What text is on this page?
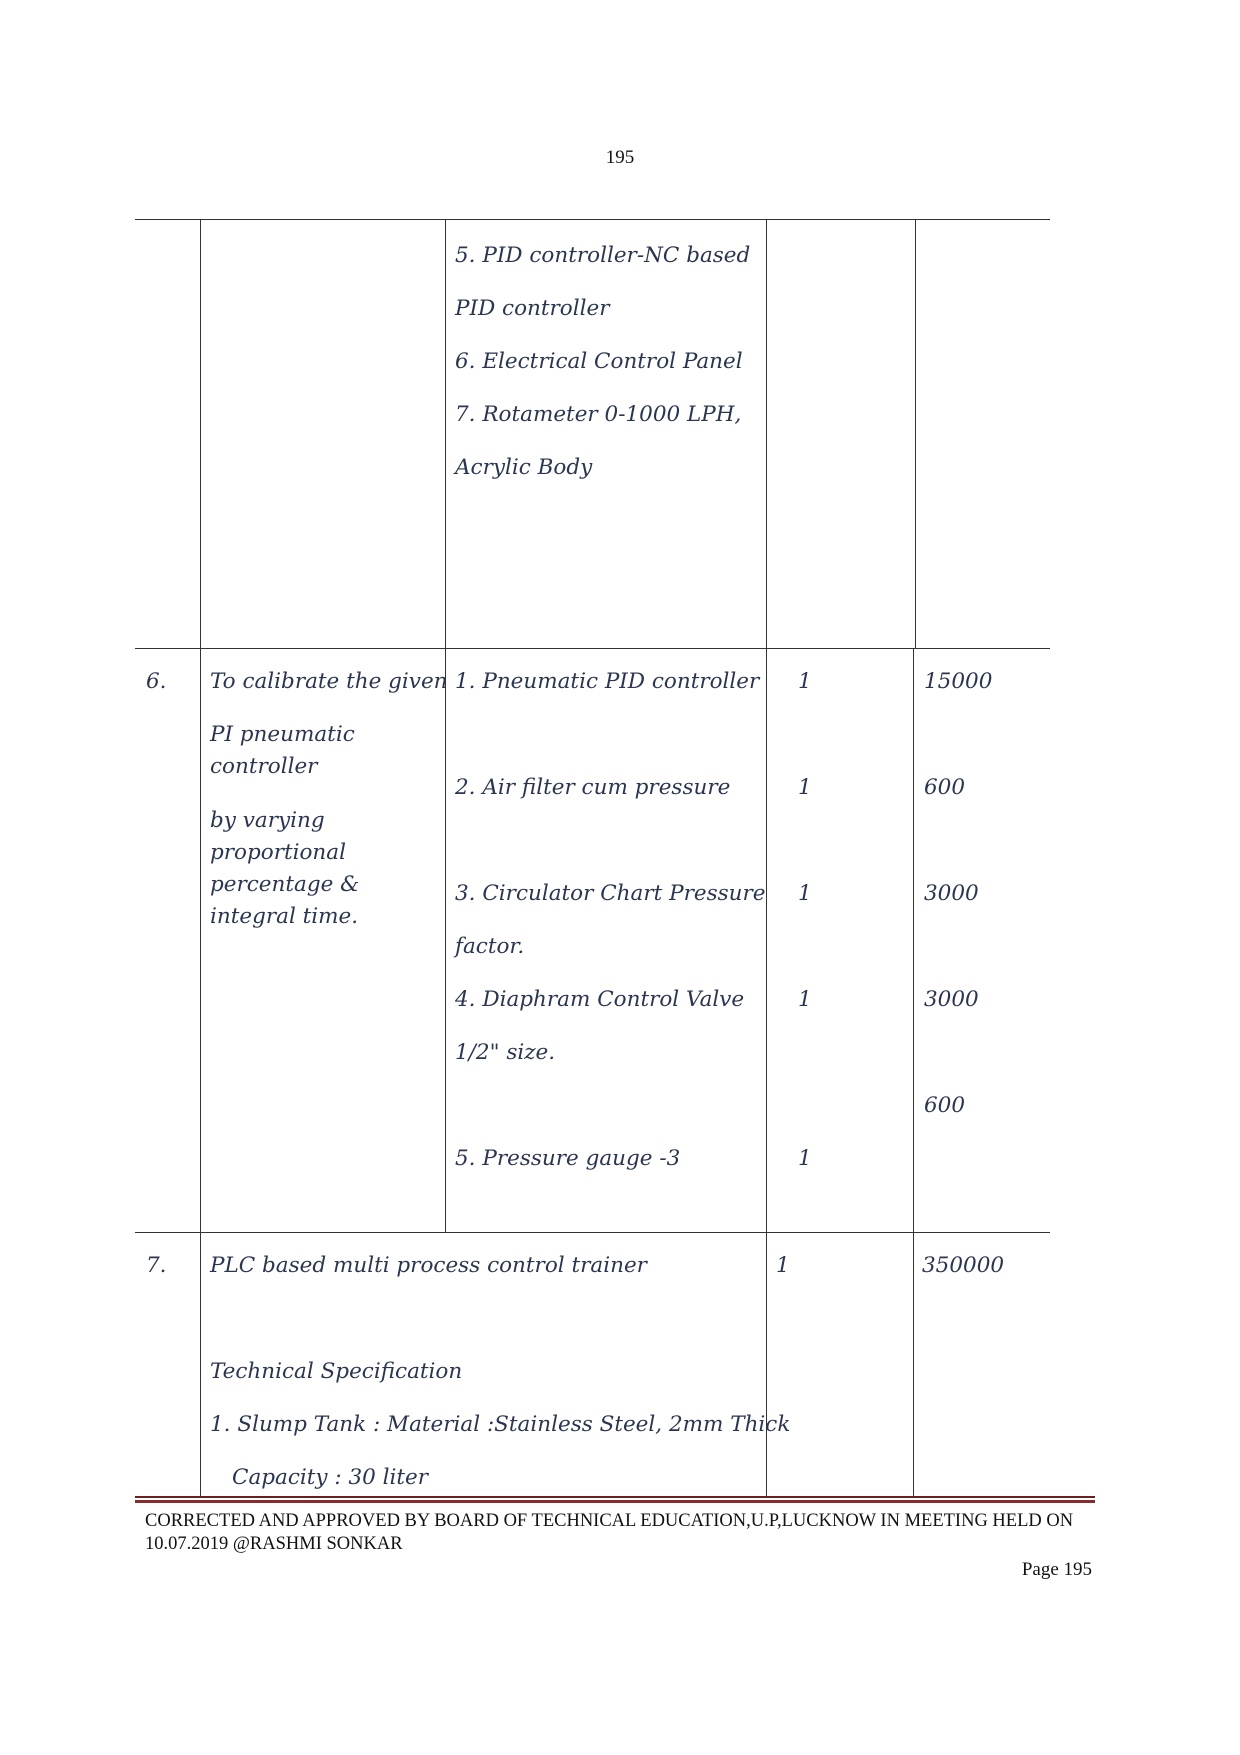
195
5. PID controller-NC based
PID controller
6. Electrical Control Panel
7. Rotameter 0-1000 LPH,
Acrylic Body
6. To calibrate the given
PI pneumatic controller
by varying proportional percentage & integral time.
1. Pneumatic PID controller
2. Air filter cum pressure
3. Circulator Chart Pressure
factor.
4. Diaphram Control Valve
1/2" size.
5. Pressure gauge -3
1
1
1
1
1
15000
600
3000
3000
600
7. PLC based multi process control trainer	1	350000
Technical Specification
1. Slump Tank : Material :Stainless Steel, 2mm Thick
Capacity : 30 liter
CORRECTED AND APPROVED BY BOARD OF TECHNICAL EDUCATION,U.P,LUCKNOW IN MEETING HELD ON
10.07.2019 @RASHMI SONKAR
Page 195
